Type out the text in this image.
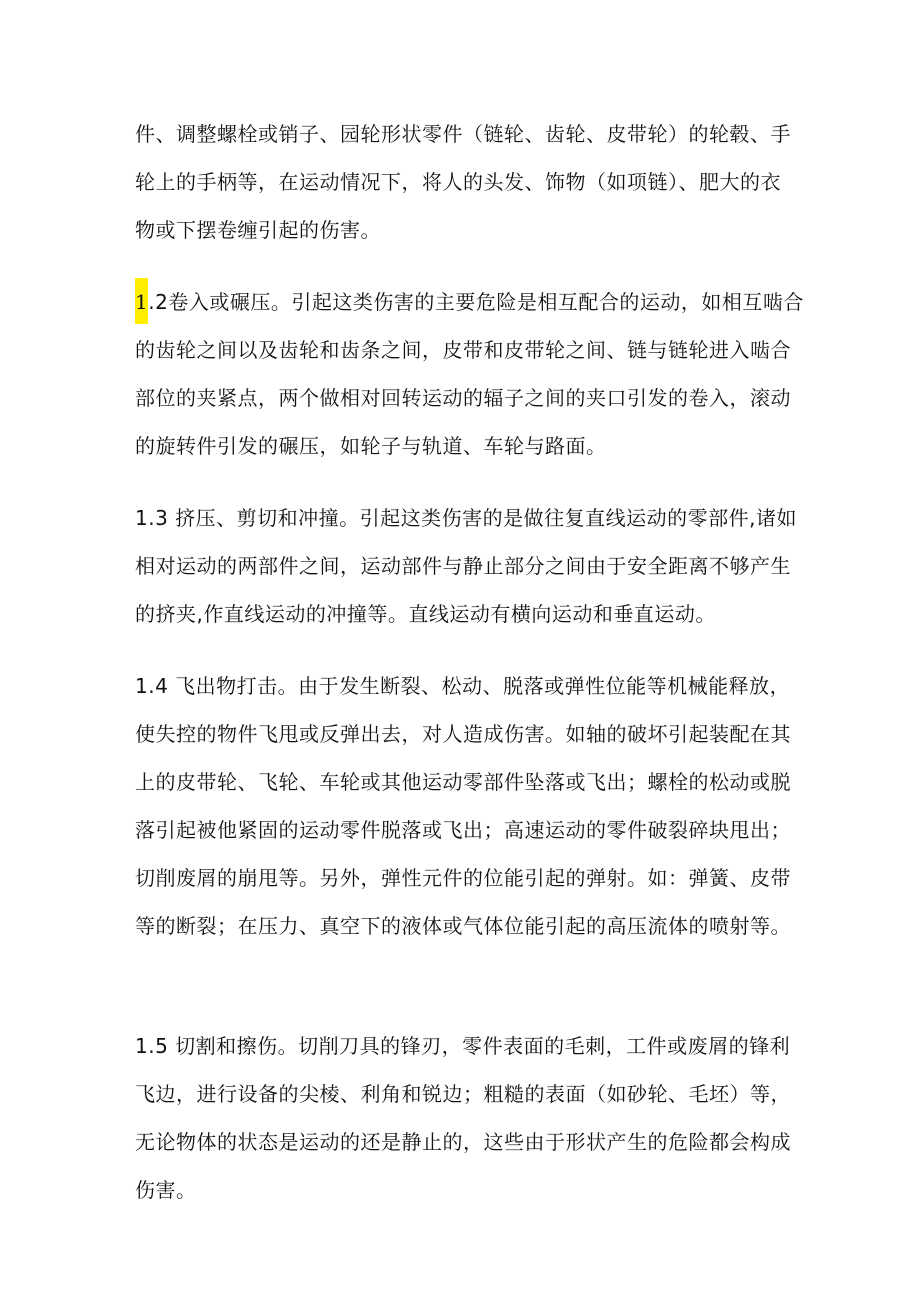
件、调整螺栓或销子、园轮形状零件（链轮、齿轮、皮带轮）的轮毂、手
轮上的手柄等，在运动情况下，将人的头发、饰物（如项链）、肥大的衣
物或下摆卷缠引起的伤害。

1.2卷入或碾压。引起这类伤害的主要危险是相互配合的运动，如相互啮合
的齿轮之间以及齿轮和齿条之间，皮带和皮带轮之间、链与链轮进入啮合
部位的夹紧点，两个做相对回转运动的辐子之间的夹口引发的卷入，滚动
的旋转件引发的碾压，如轮子与轨道、车轮与路面。

1.3 挤压、剪切和冲撞。引起这类伤害的是做往复直线运动的零部件,诸如
相对运动的两部件之间，运动部件与静止部分之间由于安全距离不够产生
的挤夹,作直线运动的冲撞等。直线运动有横向运动和垂直运动。

1.4 飞出物打击。由于发生断裂、松动、脱落或弹性位能等机械能释放，
使失控的物件飞甩或反弹出去，对人造成伤害。如轴的破坏引起装配在其
上的皮带轮、飞轮、车轮或其他运动零部件坠落或飞出；螺栓的松动或脱
落引起被他紧固的运动零件脱落或飞出；高速运动的零件破裂碎块甩出；
切削废屑的崩甩等。另外，弹性元件的位能引起的弹射。如：弹簧、皮带
等的断裂；在压力、真空下的液体或气体位能引起的高压流体的喷射等。

1.5 切割和擦伤。切削刀具的锋刃，零件表面的毛刺，工件或废屑的锋利
飞边，进行设备的尖棱、利角和锐边；粗糙的表面（如砂轮、毛坯）等，
无论物体的状态是运动的还是静止的，这些由于形状产生的危险都会构成
伤害。
